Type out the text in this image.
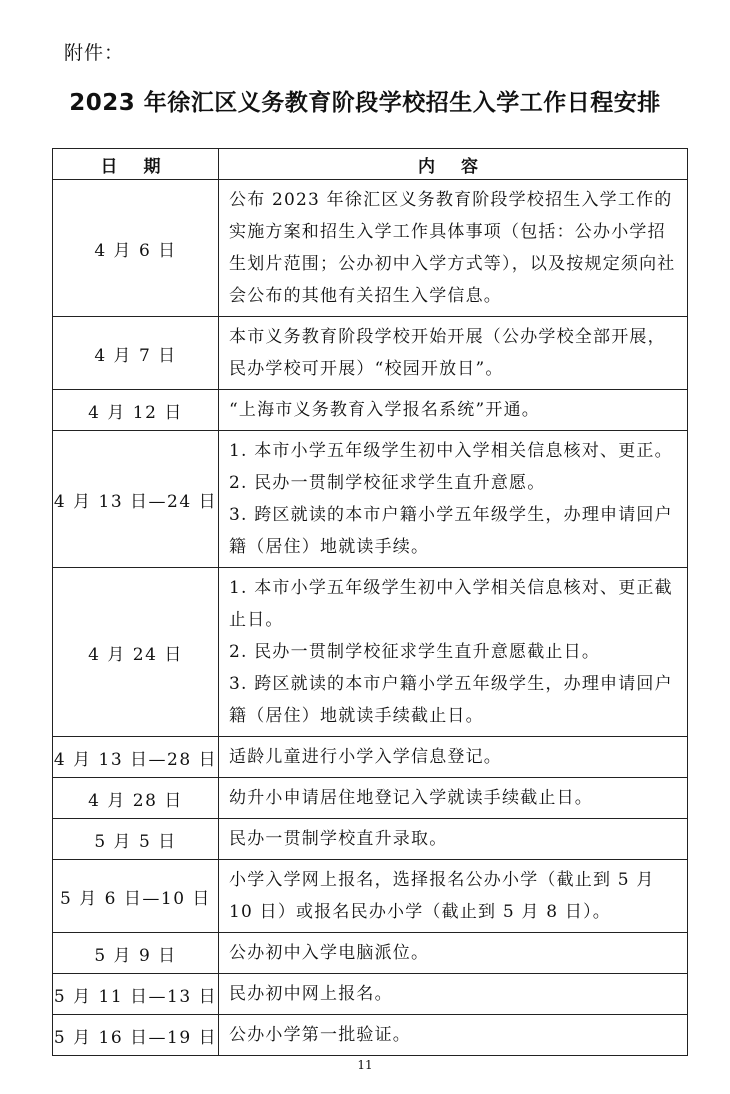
附件：
2023 年徐汇区义务教育阶段学校招生入学工作日程安排
日 期	内 容
4 月 6 日	公布 2023 年徐汇区义务教育阶段学校招生入学工作的实施方案和招生入学工作具体事项（包括：公办小学招生划片范围；公办初中入学方式等），以及按规定须向社会公布的其他有关招生入学信息。

4 月 7 日	本市义务教育阶段学校开始开展（公办学校全部开展，民办学校可开展）“校园开放日”。

4 月 12 日	“上海市义务教育入学报名系统”开通。

4 月 13 日—24 日	1. 本市小学五年级学生初中入学相关信息核对、更正。
2. 民办一贯制学校征求学生直升意愿。
3. 跨区就读的本市户籍小学五年级学生，办理申请回户籍（居住）地就读手续。

4 月 24 日	1. 本市小学五年级学生初中入学相关信息核对、更正截止日。
2. 民办一贯制学校征求学生直升意愿截止日。
3. 跨区就读的本市户籍小学五年级学生，办理申请回户籍（居住）地就读手续截止日。

4 月 13 日—28 日	适龄儿童进行小学入学信息登记。

4 月 28 日	幼升小申请居住地登记入学就读手续截止日。

5 月 5 日	民办一贯制学校直升录取。

5 月 6 日—10 日	小学入学网上报名，选择报名公办小学（截止到 5 月 10 日）或报名民办小学（截止到 5 月 8 日）。

5 月 9 日	公办初中入学电脑派位。

5 月 11 日—13 日	民办初中网上报名。

5 月 16 日—19 日	公办小学第一批验证。
11
